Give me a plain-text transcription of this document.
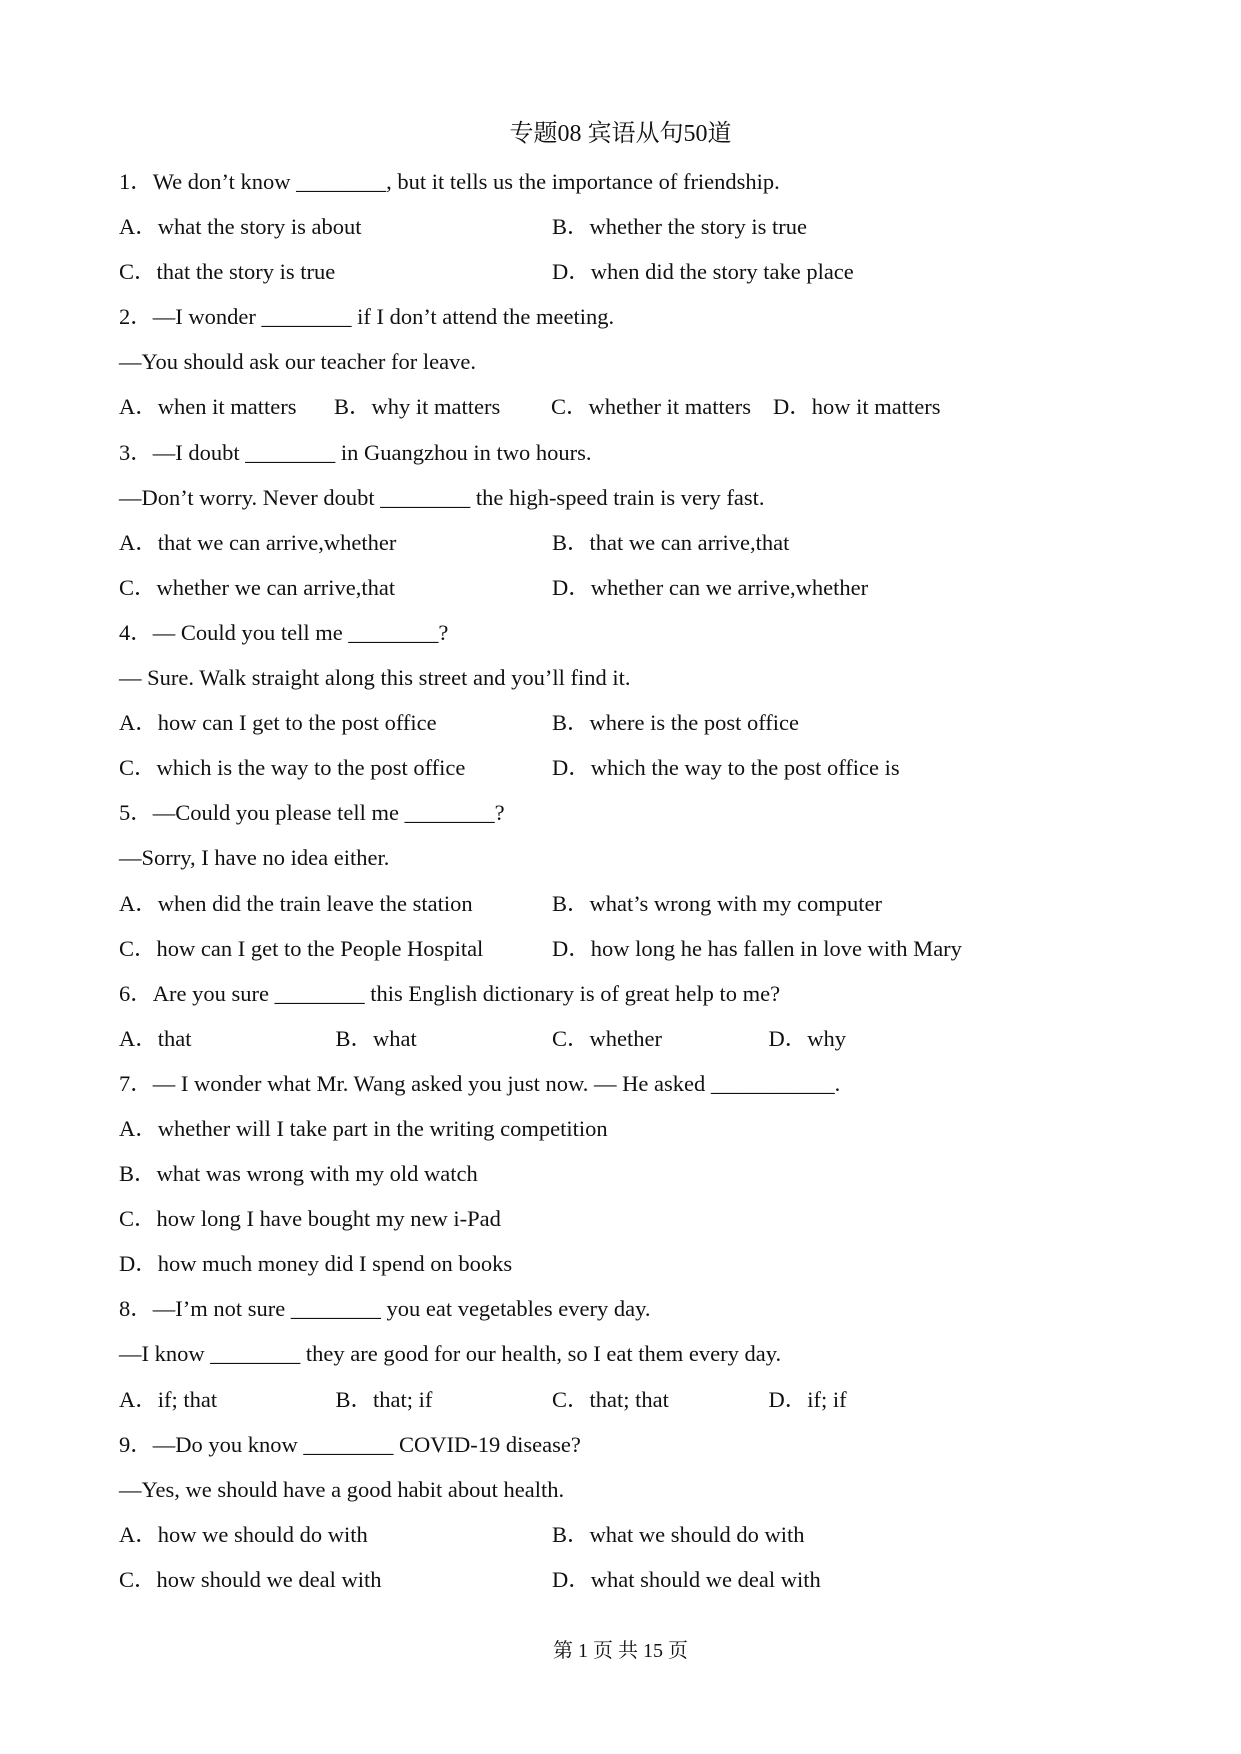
专题08 宾语从句50道
1．We don’t know ________, but it tells us the importance of friendship.
A．what the story is about	B．whether the story is true
C．that the story is true	D．when did the story take place
2．—I wonder ________ if I don’t attend the meeting.
—You should ask our teacher for leave.
A．when it matters	B．why it matters	C．whether it matters D．how it matters
3．—I doubt ________ in Guangzhou in two hours.
—Don’t worry. Never doubt ________ the high-speed train is very fast.
A．that we can arrive,whether	B．that we can arrive,that
C．whether we can arrive,that	D．whether can we arrive,whether
4．— Could you tell me ________?
— Sure. Walk straight along this street and you’ll find it.
A．how can I get to the post office	B．where is the post office
C．which is the way to the post office	D．which the way to the post office is
5．—Could you please tell me ________?
—Sorry, I have no idea either.
A．when did the train leave the station	B．what’s wrong with my computer
C．how can I get to the People Hospital	D．how long he has fallen in love with Mary
6．Are you sure ________ this English dictionary is of great help to me?
A．that	B．what	C．whether	D．why
7．— I wonder what Mr. Wang asked you just now. — He asked ___________.
A．whether will I take part in the writing competition
B．what was wrong with my old watch
C．how long I have bought my new i-Pad
D．how much money did I spend on books
8．—I’m not sure ________ you eat vegetables every day.
—I know ________ they are good for our health, so I eat them every day.
A．if; that	B．that; if	C．that; that	D．if; if
9．—Do you know ________ COVID-19 disease?
—Yes, we should have a good habit about health.
A．how we should do with	B．what we should do with
C．how should we deal with	D．what should we deal with
第 1 页 共 15 页
